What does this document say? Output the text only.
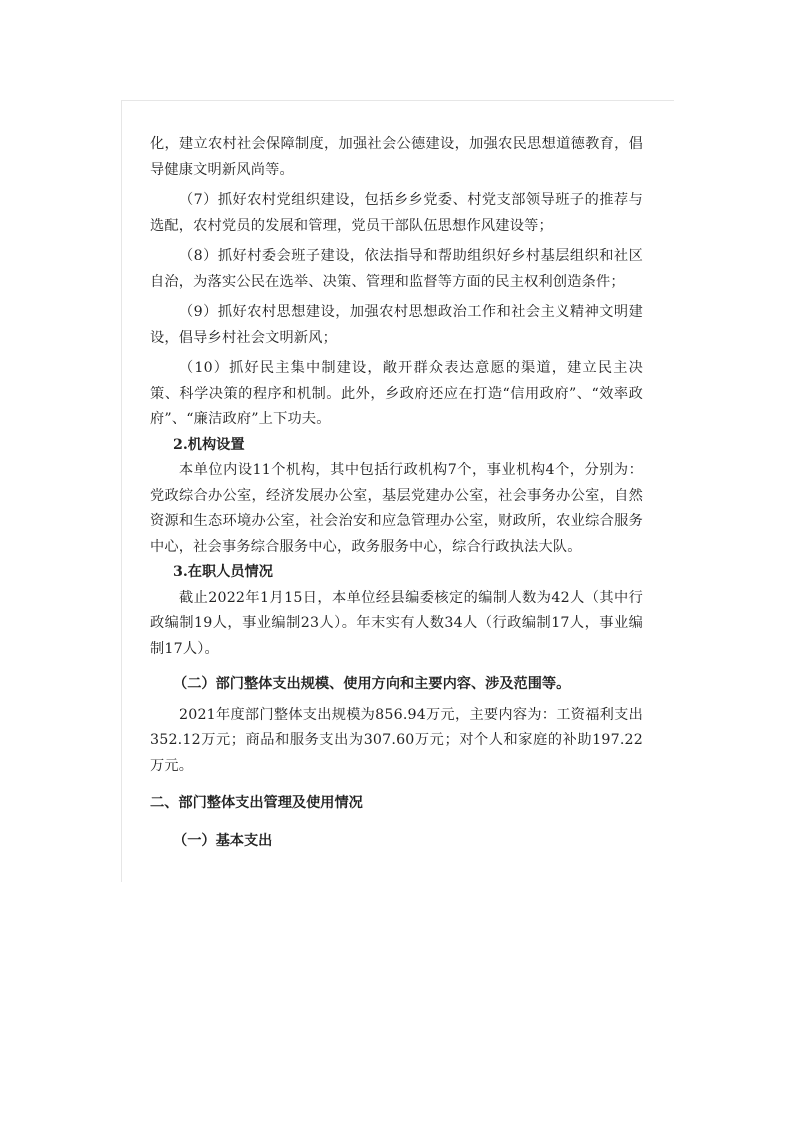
化，建立农村社会保障制度，加强社会公德建设，加强农民思想道德教育，倡导健康文明新风尚等。

（7）抓好农村党组织建设，包括乡乡党委、村党支部领导班子的推荐与选配，农村党员的发展和管理，党员干部队伍思想作风建设等；

（8）抓好村委会班子建设，依法指导和帮助组织好乡村基层组织和社区自治，为落实公民在选举、决策、管理和监督等方面的民主权利创造条件；

（9）抓好农村思想建设，加强农村思想政治工作和社会主义精神文明建设，倡导乡村社会文明新风；

（10）抓好民主集中制建设，敞开群众表达意愿的渠道，建立民主决策、科学决策的程序和机制。此外，乡政府还应在打造“信用政府”、“效率政府”、“廉洁政府”上下功夫。

2.机构设置

本单位内设11个机构，其中包括行政机构7个，事业机构4个，分别为：党政综合办公室，经济发展办公室，基层党建办公室，社会事务办公室，自然资源和生态环境办公室，社会治安和应急管理办公室，财政所，农业综合服务中心，社会事务综合服务中心，政务服务中心，综合行政执法大队。

3.在职人员情况

截止2022年1月15日，本单位经县编委核定的编制人数为42人（其中行政编制19人，事业编制23人）。年末实有人数34人（行政编制17人，事业编制17人）。

（二）部门整体支出规模、使用方向和主要内容、涉及范围等。

2021年度部门整体支出规模为856.94万元，主要内容为：工资福利支出352.12万元；商品和服务支出为307.60万元；对个人和家庭的补助197.22万元。

二、部门整体支出管理及使用情况

（一）基本支出
